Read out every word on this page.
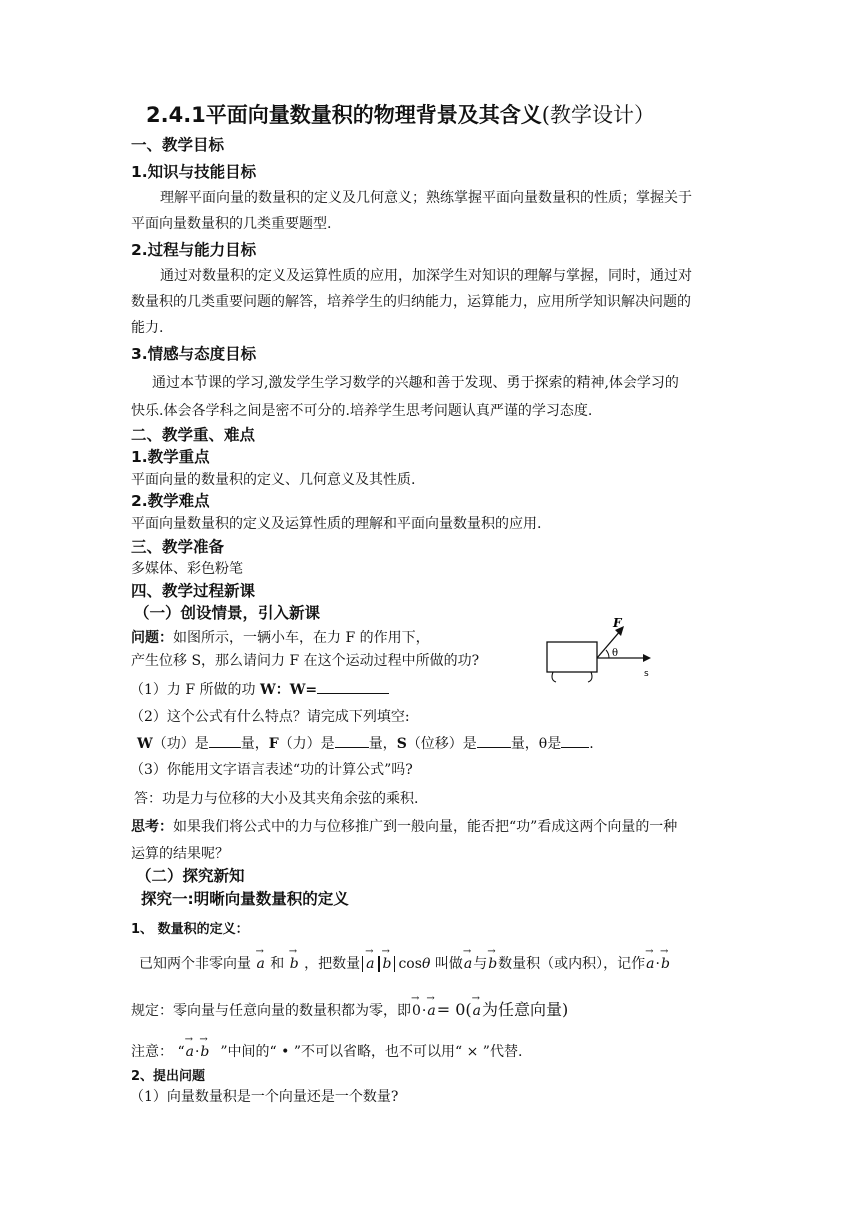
2.4.1平面向量数量积的物理背景及其含义(教学设计）
一、教学目标
1.知识与技能目标
理解平面向量的数量积的定义及几何意义；熟练掌握平面向量数量积的性质；掌握关于
平面向量数量积的几类重要题型.
2.过程与能力目标
通过对数量积的定义及运算性质的应用，加深学生对知识的理解与掌握，同时，通过对
数量积的几类重要问题的解答，培养学生的归纳能力，运算能力，应用所学知识解决问题的
能力.
3.情感与态度目标
通过本节课的学习,激发学生学习数学的兴趣和善于发现、勇于探索的精神,体会学习的
快乐.体会各学科之间是密不可分的.培养学生思考问题认真严谨的学习态度.
二、教学重、难点
1.教学重点
平面向量的数量积的定义、几何意义及其性质.
2.教学难点
平面向量数量积的定义及运算性质的理解和平面向量数量积的应用.
三、教学准备
多媒体、彩色粉笔
四、教学过程新课
（一）创设情景，引入新课
问题：如图所示，一辆小车，在力 F 的作用下，
产生位移 S，那么请问力 F 在这个运动过程中所做的功?
F
θ
s
（1）力 F 所做的功 W：W=
（2）这个公式有什么特点？请完成下列填空:
W（功）是 量，F（力）是 量，S（位移）是 量，θ是 .
（3）你能用文字语言表述“功的计算公式”吗?
答：功是力与位移的大小及其夹角余弦的乘积.
思考：如果我们将公式中的力与位移推广到一般向量，能否把“功”看成这两个向量的一种
运算的结果呢？
（二）探究新知
探究一:明晰向量数量积的定义
1、 数量积的定义：
已知两个非零向量 → a 和 → b ，把数量 → a → b cosθ 叫做→ a与→ b数量积（或内积），记作→ a·→ b
规定：零向量与任意向量的数量积都为零，即→ 0·→ a= 0(→ a为任意向量)
注意： “→ a·→ b ”中间的“ • ”不可以省略，也不可以用“ × ”代替.
2、提出问题
（1）向量数量积是一个向量还是一个数量?
